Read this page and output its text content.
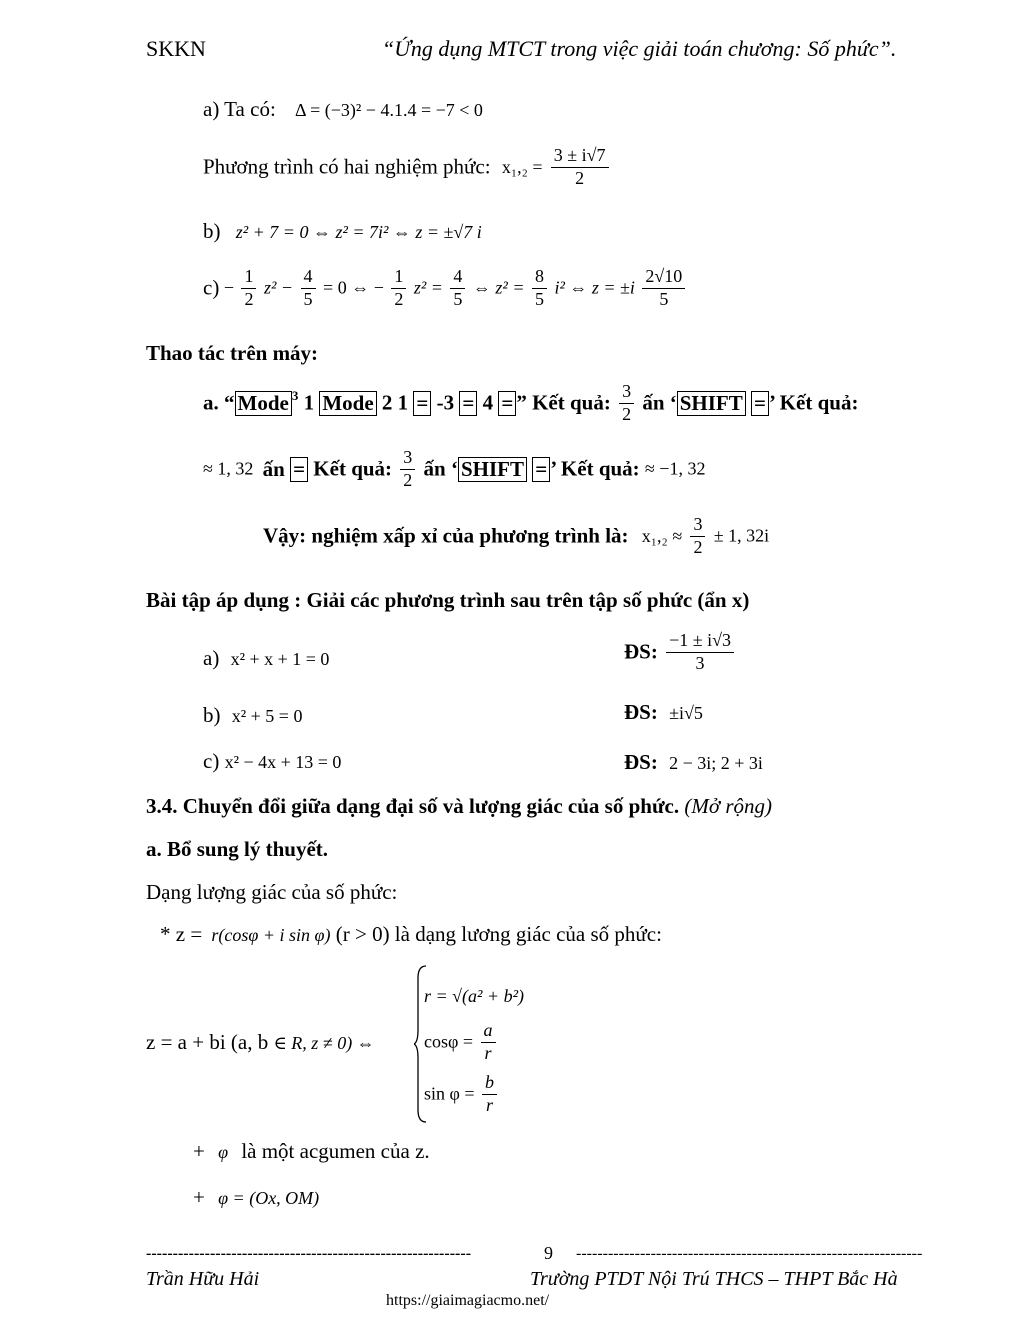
SKKN	“Ứng dụng MTCT trong việc giải toán chương: Số phức”.
a) Ta có: Δ = (−3)² − 4.1.4 = −7 < 0
Phương trình có hai nghiệm phức: $x_1,_2 = \frac{3 \pm i√7}{2}$
b) z² + 7 = 0 ⇔ z² = 7i² ⇔ z = ±√7 i
$c) - \frac{1}{2} z^2 - \frac{4}{5} = 0$ ⇔ − $\frac{1}{2} z^2 = \frac{4}{5}$ ⇔ $z^2 = \frac{8}{5} i^2$ ⇔ $z = \pm i \frac{2√10}{5}$
Thao tác trên máy:
a. “ Mode $^3$ 1 Mode 2 1 = -3 = 4 = ” Kết quả: $\frac{3}{2}$ ấn ‘ SHIFT = ’ Kết quả:
≈ 1, 32 ấn = Kết quả: $\frac{3}{2}$ ấn ‘ SHIFT = ’ Kết quả: ≈ −1, 32
Vậy: nghiệm xấp xỉ của phương trình là: $x_1,_2 \approx \frac{3}{2} \pm 1$, 32i
Bài tập áp dụng : Giải các phương trình sau trên tập số phức (ẩn x)
a) x² + x + 1 = 0	ĐS: $\frac{-1 \pm i√3}{3}$
b) x² + 5 = 0	ĐS: ±i√5
c) x² − 4x + 13 = 0	ĐS: 2 − 3i; 2 + 3i
3.4. Chuyển đổi giữa dạng đại số và lượng giác của số phức. (Mở rộng)
a. Bổ sung lý thuyết.
Dạng lượng giác của số phức:
* z = r(cosφ + i sin φ) (r > 0) là dạng lương giác của số phức:
z = a + bi (a, b ∈ R, z ≠ 0) ⇔
r = √(a² + b²)
$\cos\varphi = \frac{a}{r}$
$\sin \varphi = \frac{b}{r}$
+ φ là một acgumen của z.
+ φ = (Ox, OM)
-------------------------------------------------------------	9 -----------------------------------------------------------------
Trần Hữu Hải	Trường PTDT Nội Trú THCS – THPT Bắc Hà
https://giaimagiacmo.net/
